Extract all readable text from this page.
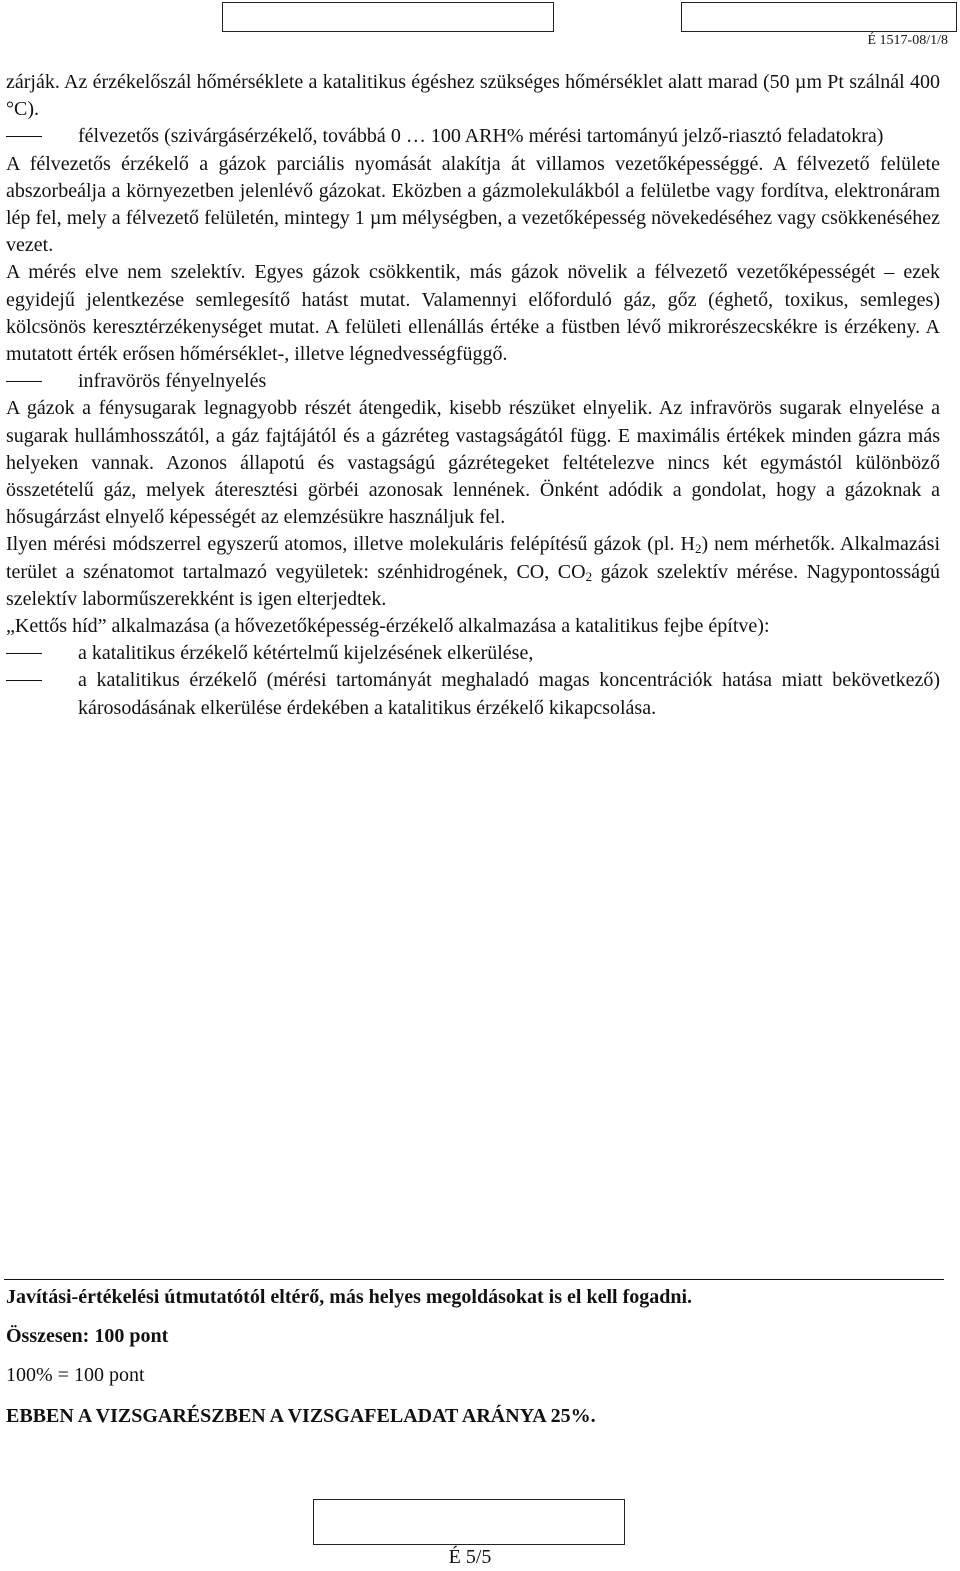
É 1517-08/1/8

zárják. Az érzékelőszál hőmérséklete a katalitikus égéshez szükséges hőmérséklet alatt marad (50 µm Pt szálnál 400 °C).

félvezetős (szivárgásérzékelő, továbbá 0 … 100 ARH% mérési tartományú jelző-riasztó feladatokra)

A félvezetős érzékelő a gázok parciális nyomását alakítja át villamos vezetőképességgé. A félvezető felülete abszorbeálja a környezetben jelenlévő gázokat. Eközben a gázmolekulákból a felületbe vagy fordítva, elektronáram lép fel, mely a félvezető felületén, mintegy 1 µm mélységben, a vezetőképesség növekedéséhez vagy csökkenéséhez vezet.

A mérés elve nem szelektív. Egyes gázok csökkentik, más gázok növelik a félvezető vezetőképességét – ezek egyidejű jelentkezése semlegesítő hatást mutat. Valamennyi előforduló gáz, gőz (éghető, toxikus, semleges) kölcsönös keresztérzékenységet mutat. A felületi ellenállás értéke a füstben lévő mikrorészecskékre is érzékeny. A mutatott érték erősen hőmérséklet-, illetve légnedvességfüggő.

infravörös fényelnyelés

A gázok a fénysugarak legnagyobb részét átengedik, kisebb részüket elnyelik. Az infravörös sugarak elnyelése a sugarak hullámhosszától, a gáz fajtájától és a gázréteg vastagságától függ. E maximális értékek minden gázra más helyeken vannak. Azonos állapotú és vastagságú gázrétegeket feltételezve nincs két egymástól különböző összetételű gáz, melyek áteresztési görbéi azonosak lennének. Önként adódik a gondolat, hogy a gázoknak a hősugárzást elnyelő képességét az elemzésükre használjuk fel.

Ilyen mérési módszerrel egyszerű atomos, illetve molekuláris felépítésű gázok (pl. $H_2$) nem mérhetők. Alkalmazási terület a szénatomot tartalmazó vegyületek: szénhidrogének, CO, $CO_2$ gázok szelektív mérése. Nagypontosságú szelektív laborműszerekként is igen elterjedtek.

„Kettős híd” alkalmazása (a hővezetőképesség-érzékelő alkalmazása a katalitikus fejbe építve):

a katalitikus érzékelő kétértelmű kijelzésének elkerülése,

a katalitikus érzékelő (mérési tartományát meghaladó magas koncentrációk hatása miatt bekövetkező) károsodásának elkerülése érdekében a katalitikus érzékelő kikapcsolása.

Javítási-értékelési útmutatótól eltérő, más helyes megoldásokat is el kell fogadni.
Összesen: 100 pont
100% = 100 pont
EBBEN A VIZSGARÉSZBEN A VIZSGAFELADAT ARÁNYA 25%.
É 5/5
